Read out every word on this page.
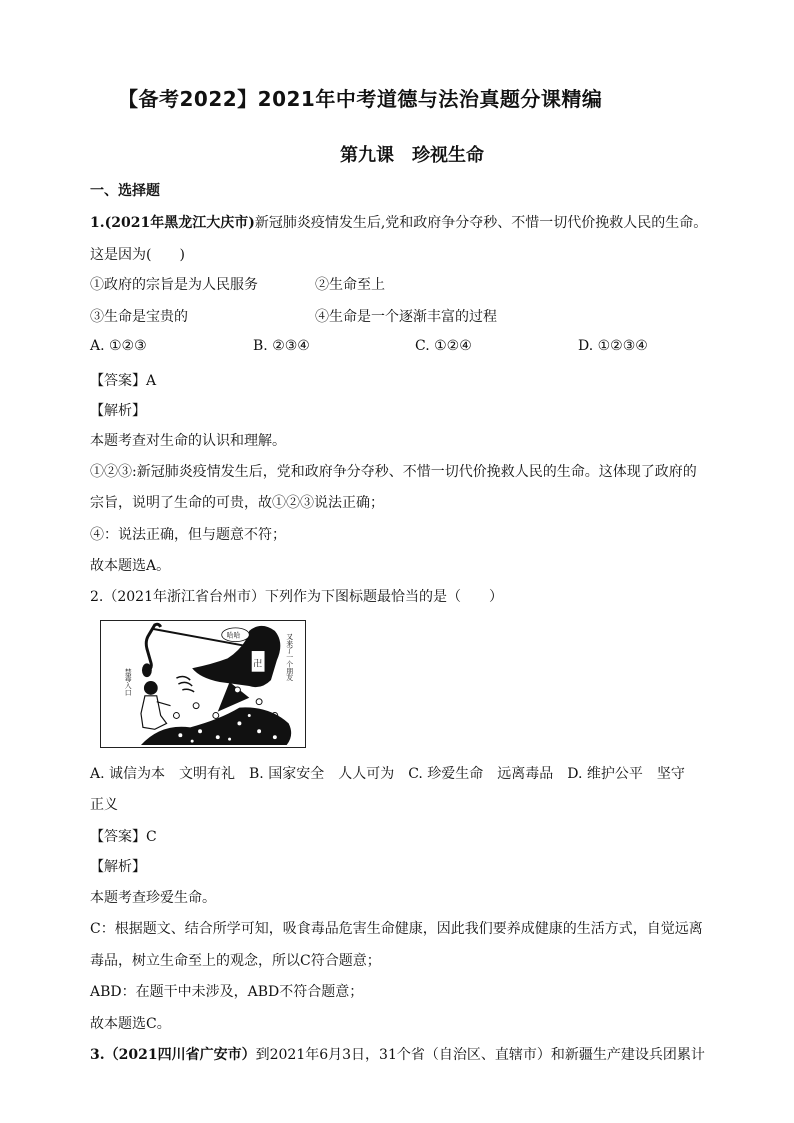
【备考2022】2021年中考道德与法治真题分课精编
第九课　珍视生命
一、选择题
1.(2021年黑龙江大庆市)新冠肺炎疫情发生后,党和政府争分夺秒、不惜一切代价挽救人民的生命。
这是因为(　　)
①政府的宗旨是为人民服务	②生命至上
③生命是宝贵的	④生命是一个逐渐丰富的过程
A. ①②③	B. ②③④	C. ①②④	D. ①②③④
【答案】A
【解析】
本题考查对生命的认识和理解。
①②③:新冠肺炎疫情发生后，党和政府争分夺秒、不惜一切代价挽救人民的生命。这体现了政府的
宗旨，说明了生命的可贵，故①②③说法正确；
④：说法正确，但与题意不符；
故本题选A。
2.（2021年浙江省台州市）下列作为下图标题最恰当的是（　　）
卍
哈哈	又来了一个朋友
禁毒入口
A. 诚信为本　文明有礼　B. 国家安全　人人可为　C. 珍爱生命　远离毒品　D. 维护公平　坚守
正义
【答案】C
【解析】
本题考查珍爱生命。
C：根据题文、结合所学可知，吸食毒品危害生命健康，因此我们要养成健康的生活方式，自觉远离
毒品，树立生命至上的观念，所以C符合题意；
ABD：在题干中未涉及，ABD不符合题意；
故本题选C。
3.（2021四川省广安市）到2021年6月3日，31个省（自治区、直辖市）和新疆生产建设兵团累计
